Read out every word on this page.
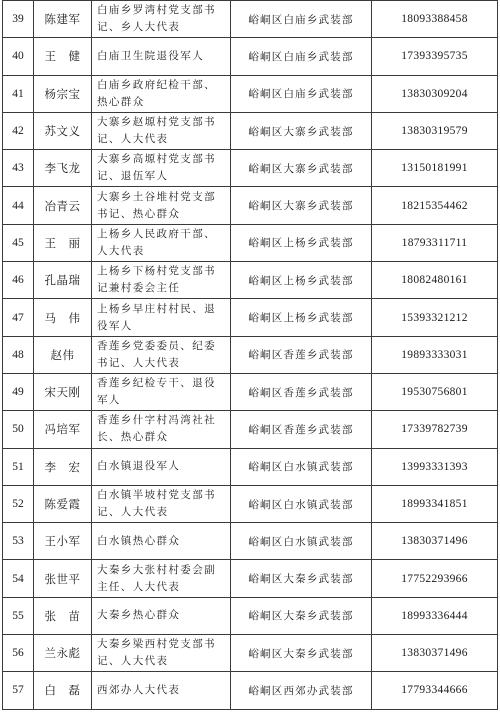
39	陈建军	白庙乡罗湾村党支部书记、乡人大代表	峪峒区白庙乡武装部	18093388458
40	王　健	白庙卫生院退役军人	峪峒区白庙乡武装部	17393395735
41	杨宗宝	白庙乡政府纪检干部、热心群众	峪峒区白庙乡武装部	13830309204
42	苏文义	大寨乡赵塬村党支部书记、人大代表	峪峒区大寨乡武装部	13830319579
43	李飞龙	大寨乡高塬村党支部书记、退伍军人	峪峒区大寨乡武装部	13150181991
44	冶青云	大寨乡土谷堆村党支部书记、热心群众	峪峒区大寨乡武装部	18215354462
45	王　丽	上杨乡人民政府干部、人大代表	峪峒区上杨乡武装部	18793311711
46	孔晶瑞	上杨乡下杨村党支部书记兼村委会主任	峪峒区上杨乡武装部	18082480161
47	马　伟	上杨乡早庄村村民、退役军人	峪峒区上杨乡武装部	15393321212
48	赵伟	香莲乡党委委员、纪委书记、人大代表	峪峒区香莲乡武装部	19893333031
49	宋天刚	香莲乡纪检专干、退役军人	峪峒区香莲乡武装部	19530756801
50	冯培军	香莲乡什字村冯湾社社长、热心群众	峪峒区香莲乡武装部	17339782739
51	李　宏	白水镇退役军人	峪峒区白水镇武装部	13993331393
52	陈爱霞	白水镇半坡村党支部书记、人大代表	峪峒区白水镇武装部	18993341851
53	王小军	白水镇热心群众	峪峒区白水镇武装部	13830371496
54	张世平	大秦乡大张村村委会副主任、人大代表	峪峒区大秦乡武装部	17752293966
55	张　苗	大秦乡热心群众	峪峒区大秦乡武装部	18993336444
56	兰永彪	大秦乡梁西村党支部书记、人大代表	峪峒区大秦乡武装部	13830371496
57	白　磊	西郊办人大代表	峪峒区西郊办武装部	17793344666
